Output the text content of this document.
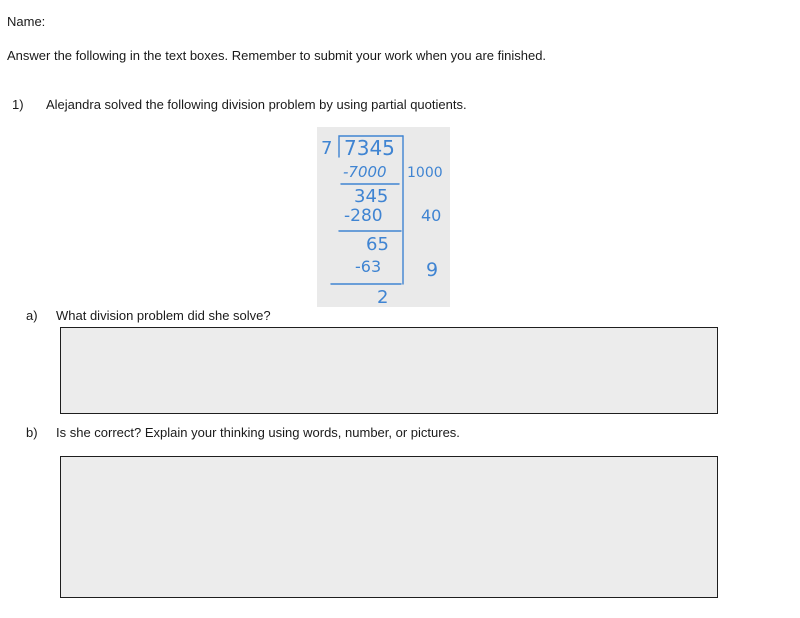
Name:
Answer the following in the text boxes. Remember to submit your work when you are finished.
1) Alejandra solved the following division problem by using partial quotients.
7 7345
-7000
345
-280
65
-63
2
1000
40
9
a) What division problem did she solve?
b) Is she correct? Explain your thinking using words, number, or pictures.
